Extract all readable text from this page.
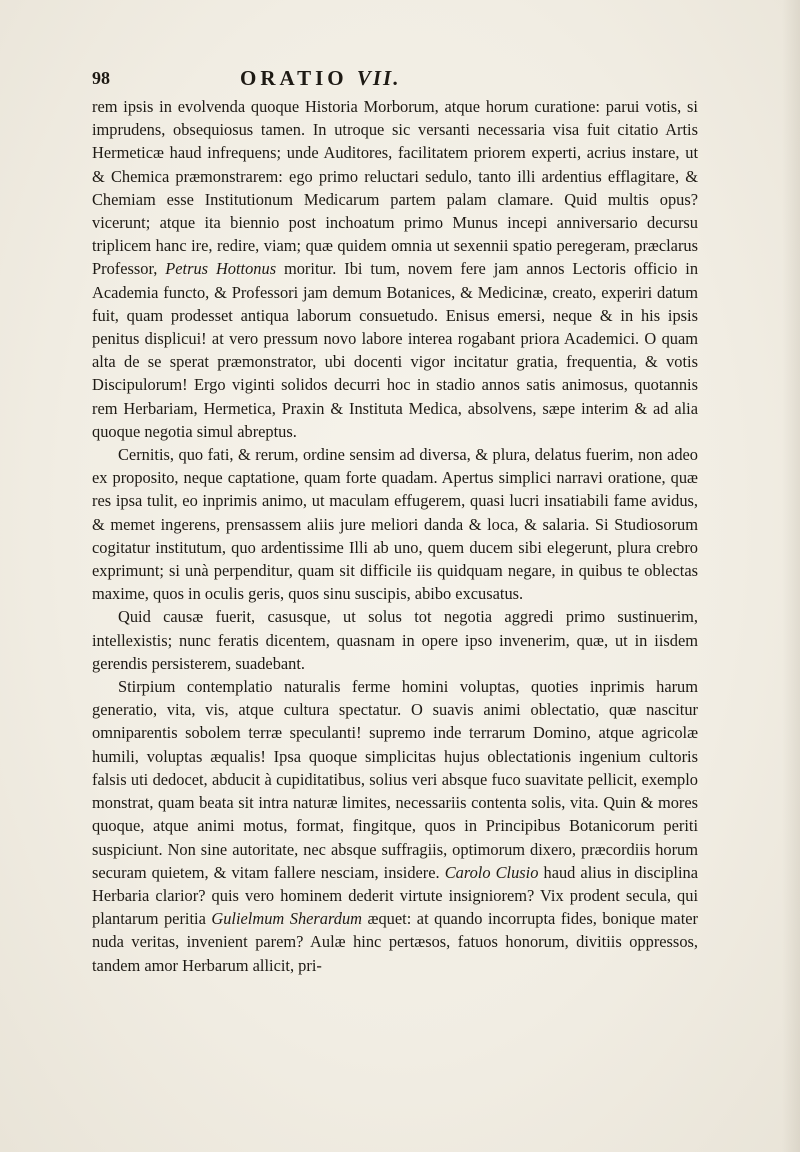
98	ORATIO VII.

rem ipsis in evolvenda quoque Historia Morborum, atque horum curatione: parui votis, si imprudens, obsequiosus tamen. In utroque sic versanti necessaria visa fuit citatio Artis Hermeticæ haud infrequens; unde Auditores, facilitatem priorem experti, acrius instare, ut & Chemica præmonstrarem: ego primo reluctari sedulo, tanto illi ardentius efflagitare, & Chemiam esse Institutionum Medicarum partem palam clamare. Quid multis opus? vicerunt; atque ita biennio post inchoatum primo Munus incepi anniversario decursu triplicem hanc ire, redire, viam; quæ quidem omnia ut sexennii spatio peregeram, præclarus Professor, Petrus Hottonus moritur. Ibi tum, novem fere jam annos Lectoris officio in Academia functo, & Professori jam demum Botanices, & Medicinæ, creato, experiri datum fuit, quam prodesset antiqua laborum consuetudo. Enisus emersi, neque & in his ipsis penitus displicui! at vero pressum novo labore interea rogabant priora Academici. O quam alta de se sperat præmonstrator, ubi docenti vigor incitatur gratia, frequentia, & votis Discipulorum! Ergo viginti solidos decurri hoc in stadio annos satis animosus, quotannis rem Herbariam, Hermetica, Praxin & Instituta Medica, absolvens, sæpe interim & ad alia quoque negotia simul abreptus.

Cernitis, quo fati, & rerum, ordine sensim ad diversa, & plura, delatus fuerim, non adeo ex proposito, neque captatione, quam forte quadam. Apertus simplici narravi oratione, quæ res ipsa tulit, eo inprimis animo, ut maculam effugerem, quasi lucri insatiabili fame avidus, & memet ingerens, prensassem aliis jure meliori danda & loca, & salaria. Si Studiosorum cogitatur institutum, quo ardentissime Illi ab uno, quem ducem sibi elegerunt, plura crebro exprimunt; si unà perpenditur, quam sit difficile iis quidquam negare, in quibus te oblectas maxime, quos in oculis geris, quos sinu suscipis, abibo excusatus.

Quid causæ fuerit, casusque, ut solus tot negotia aggredi primo sustinuerim, intellexistis; nunc feratis dicentem, quasnam in opere ipso invenerim, quæ, ut in iisdem gerendis persisterem, suadebant.

Stirpium contemplatio naturalis ferme homini voluptas, quoties inprimis harum generatio, vita, vis, atque cultura spectatur. O suavis animi oblectatio, quæ nascitur omniparentis sobolem terræ speculanti! supremo inde terrarum Domino, atque agricolæ humili, voluptas æqualis! Ipsa quoque simplicitas hujus oblectationis ingenium cultoris falsis uti dedocet, abducit à cupiditatibus, solius veri absque fuco suavitate pellicit, exemplo monstrat, quam beata sit intra naturæ limites, necessariis contenta solis, vita. Quin & mores quoque, atque animi motus, format, fingitque, quos in Principibus Botanicorum periti suspiciunt. Non sine autoritate, nec absque suffragiis, optimorum dixero, præcordiis horum securam quietem, & vitam fallere nesciam, insidere. Carolo Clusio haud alius in disciplina Herbaria clarior? quis vero hominem dederit virtute insigniorem? Vix prodent secula, qui plantarum peritia Gulielmum Sherardum æquet: at quando incorrupta fides, bonique mater nuda veritas, invenient parem? Aulæ hinc pertæsos, fatuos honorum, divitiis oppressos, tandem amor Herbarum allicit, pri-
